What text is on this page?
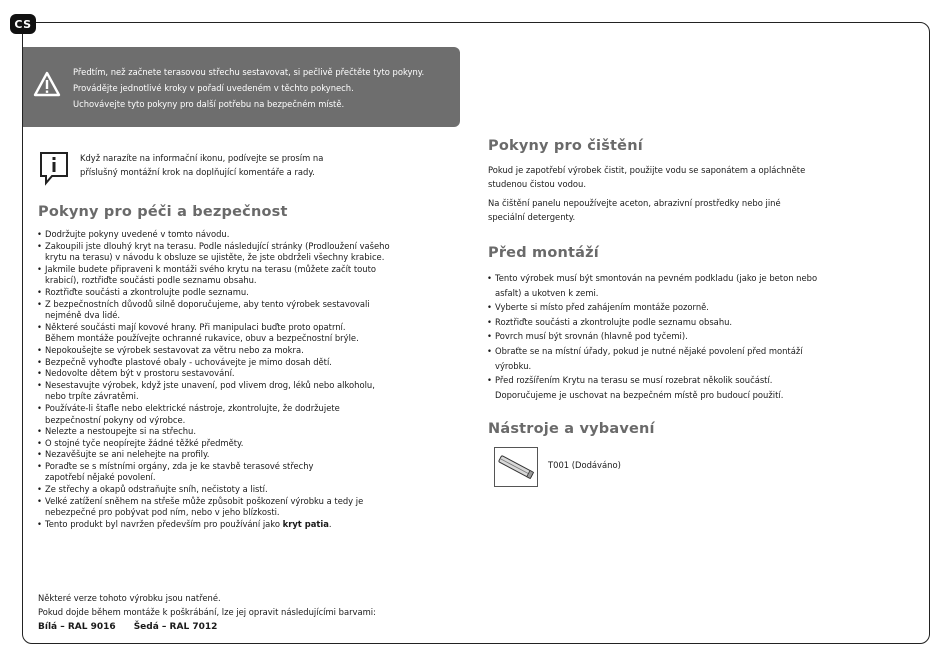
CS
Předtím, než začnete terasovou střechu sestavovat, si pečlivě přečtěte tyto pokyny.
Provádějte jednotlivé kroky v pořadí uvedeném v těchto pokynech.
Uchovávejte tyto pokyny pro další potřebu na bezpečném místě.
Když narazíte na informační ikonu, podívejte se prosím na
příslušný montážní krok na doplňující komentáře a rady.
Pokyny pro péči a bezpečnost
• Dodržujte pokyny uvedené v tomto návodu.
• Zakoupili jste dlouhý kryt na terasu. Podle následující stránky (Prodloužení vašeho
krytu na terasu) v návodu k obsluze se ujistěte, že jste obdrželi všechny krabice.
• Jakmile budete připraveni k montáži svého krytu na terasu (můžete začít touto
krabicí), roztřiďte součásti podle seznamu obsahu.
• Roztřiďte součásti a zkontrolujte podle seznamu.
• Z bezpečnostních důvodů silně doporučujeme, aby tento výrobek sestavovali
nejméně dva lidé.
• Některé součásti mají kovové hrany. Při manipulaci buďte proto opatrní.
Během montáže používejte ochranné rukavice, obuv a bezpečnostní brýle.
• Nepokoušejte se výrobek sestavovat za větru nebo za mokra.
• Bezpečně vyhoďte plastové obaly - uchovávejte je mimo dosah dětí.
• Nedovolte dětem být v prostoru sestavování.
• Nesestavujte výrobek, když jste unavení, pod vlivem drog, léků nebo alkoholu,
nebo trpíte závratěmi.
• Používáte-li štafle nebo elektrické nástroje, zkontrolujte, že dodržujete
bezpečnostní pokyny od výrobce.
• Nelezte a nestoupejte si na střechu.
• O stojné tyče neopírejte žádné těžké předměty.
• Nezavěšujte se ani nelehejte na profily.
• Poraďte se s místními orgány, zda je ke stavbě terasové střechy
zapotřebí nějaké povolení.
• Ze střechy a okapů odstraňujte sníh, nečistoty a listí.
• Velké zatížení sněhem na střeše může způsobit poškození výrobku a tedy je
nebezpečné pro pobývat pod ním, nebo v jeho blízkosti.
• Tento produkt byl navržen především pro používání jako kryt patia.
Některé verze tohoto výrobku jsou natřené.
Pokud dojde během montáže k poškrábání, lze jej opravit následujícími barvami:
Bílá – RAL 9016 Šedá – RAL 7012
Pokyny pro čištění
Pokud je zapotřebí výrobek čistit, použijte vodu se saponátem a opláchněte
studenou čistou vodou.
Na čištění panelu nepoužívejte aceton, abrazivní prostředky nebo jiné
speciální detergenty.
Před montáží
• Tento výrobek musí být smontován na pevném podkladu (jako je beton nebo
asfalt) a ukotven k zemi.
• Vyberte si místo před zahájením montáže pozorně.
• Roztřiďte součásti a zkontrolujte podle seznamu obsahu.
• Povrch musí být srovnán (hlavně pod tyčemi).
• Obraťte se na místní úřady, pokud je nutné nějaké povolení před montáží
výrobku.
• Před rozšířením Krytu na terasu se musí rozebrat několik součástí.
Doporučujeme je uschovat na bezpečném místě pro budoucí použití.
Nástroje a vybavení
T001 (Dodáváno)
